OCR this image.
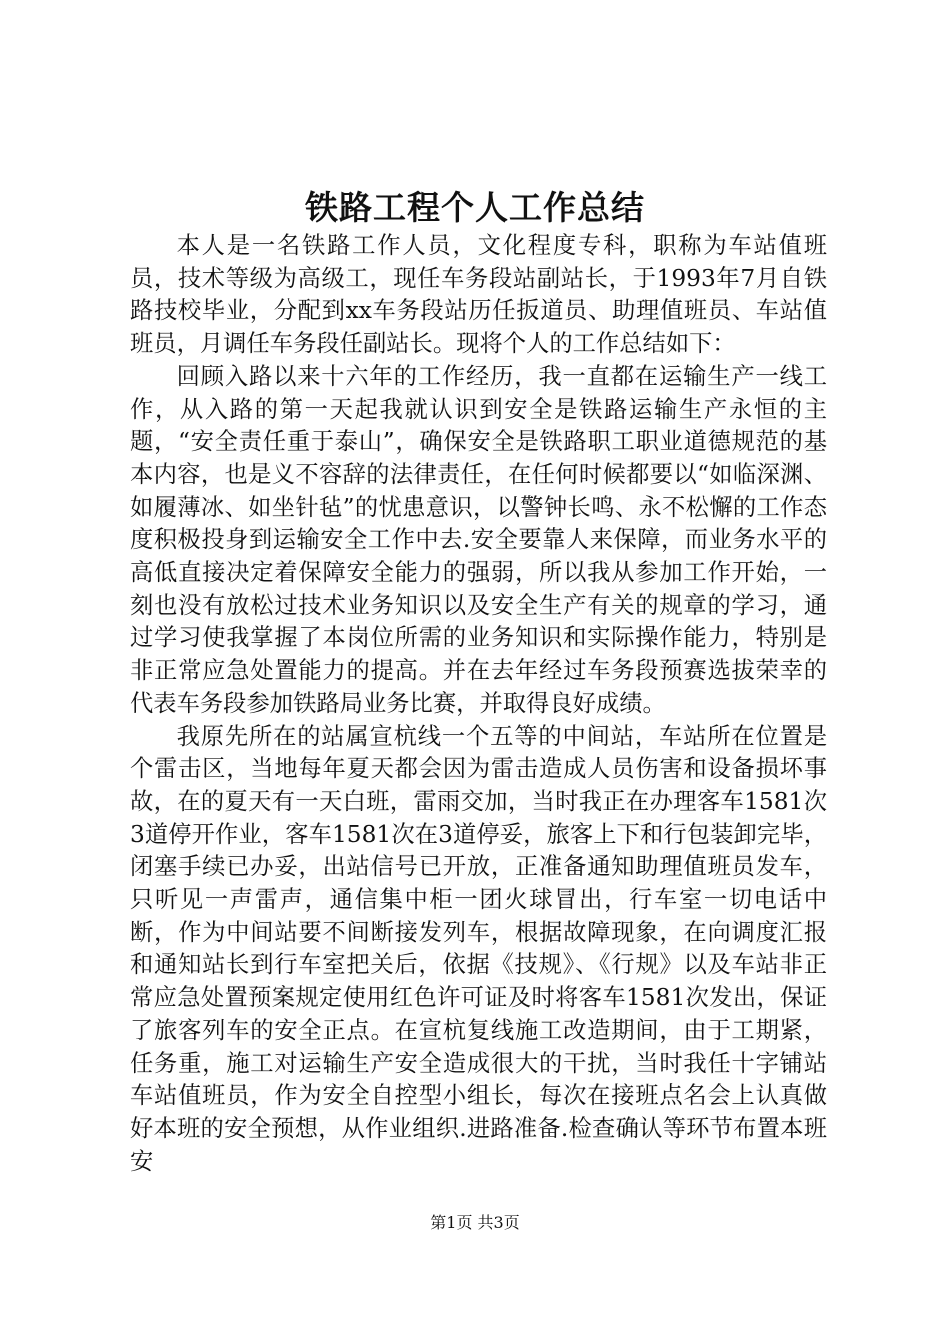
铁路工程个人工作总结

本人是一名铁路工作人员，文化程度专科，职称为车站值班员，技术等级为高级工，现任车务段站副站长，于1993年7月自铁路技校毕业，分配到xx车务段站历任扳道员、助理值班员、车站值班员，月调任车务段任副站长。现将个人的工作总结如下：

回顾入路以来十六年的工作经历，我一直都在运输生产一线工作，从入路的第一天起我就认识到安全是铁路运输生产永恒的主题，“安全责任重于泰山”，确保安全是铁路职工职业道德规范的基本内容，也是义不容辞的法律责任，在任何时候都要以“如临深渊、如履薄冰、如坐针毡”的忧患意识，以警钟长鸣、永不松懈的工作态度积极投身到运输安全工作中去.安全要靠人来保障，而业务水平的高低直接决定着保障安全能力的强弱，所以我从参加工作开始，一刻也没有放松过技术业务知识以及安全生产有关的规章的学习，通过学习使我掌握了本岗位所需的业务知识和实际操作能力，特别是非正常应急处置能力的提高。并在去年经过车务段预赛选拔荣幸的代表车务段参加铁路局业务比赛，并取得良好成绩。

我原先所在的站属宣杭线一个五等的中间站，车站所在位置是个雷击区，当地每年夏天都会因为雷击造成人员伤害和设备损坏事故，在的夏天有一天白班，雷雨交加，当时我正在办理客车1581次3道停开作业，客车1581次在3道停妥，旅客上下和行包装卸完毕，闭塞手续已办妥，出站信号已开放，正准备通知助理值班员发车，只听见一声雷声，通信集中柜一团火球冒出，行车室一切电话中断，作为中间站要不间断接发列车，根据故障现象，在向调度汇报和通知站长到行车室把关后，依据《技规》、《行规》以及车站非正常应急处置预案规定使用红色许可证及时将客车1581次发出，保证了旅客列车的安全正点。在宣杭复线施工改造期间，由于工期紧，任务重，施工对运输生产安全造成很大的干扰，当时我任十字铺站车站值班员，作为安全自控型小组长，每次在接班点名会上认真做好本班的安全预想，从作业组织.进路准备.检查确认等环节布置本班安

第1页 共3页
